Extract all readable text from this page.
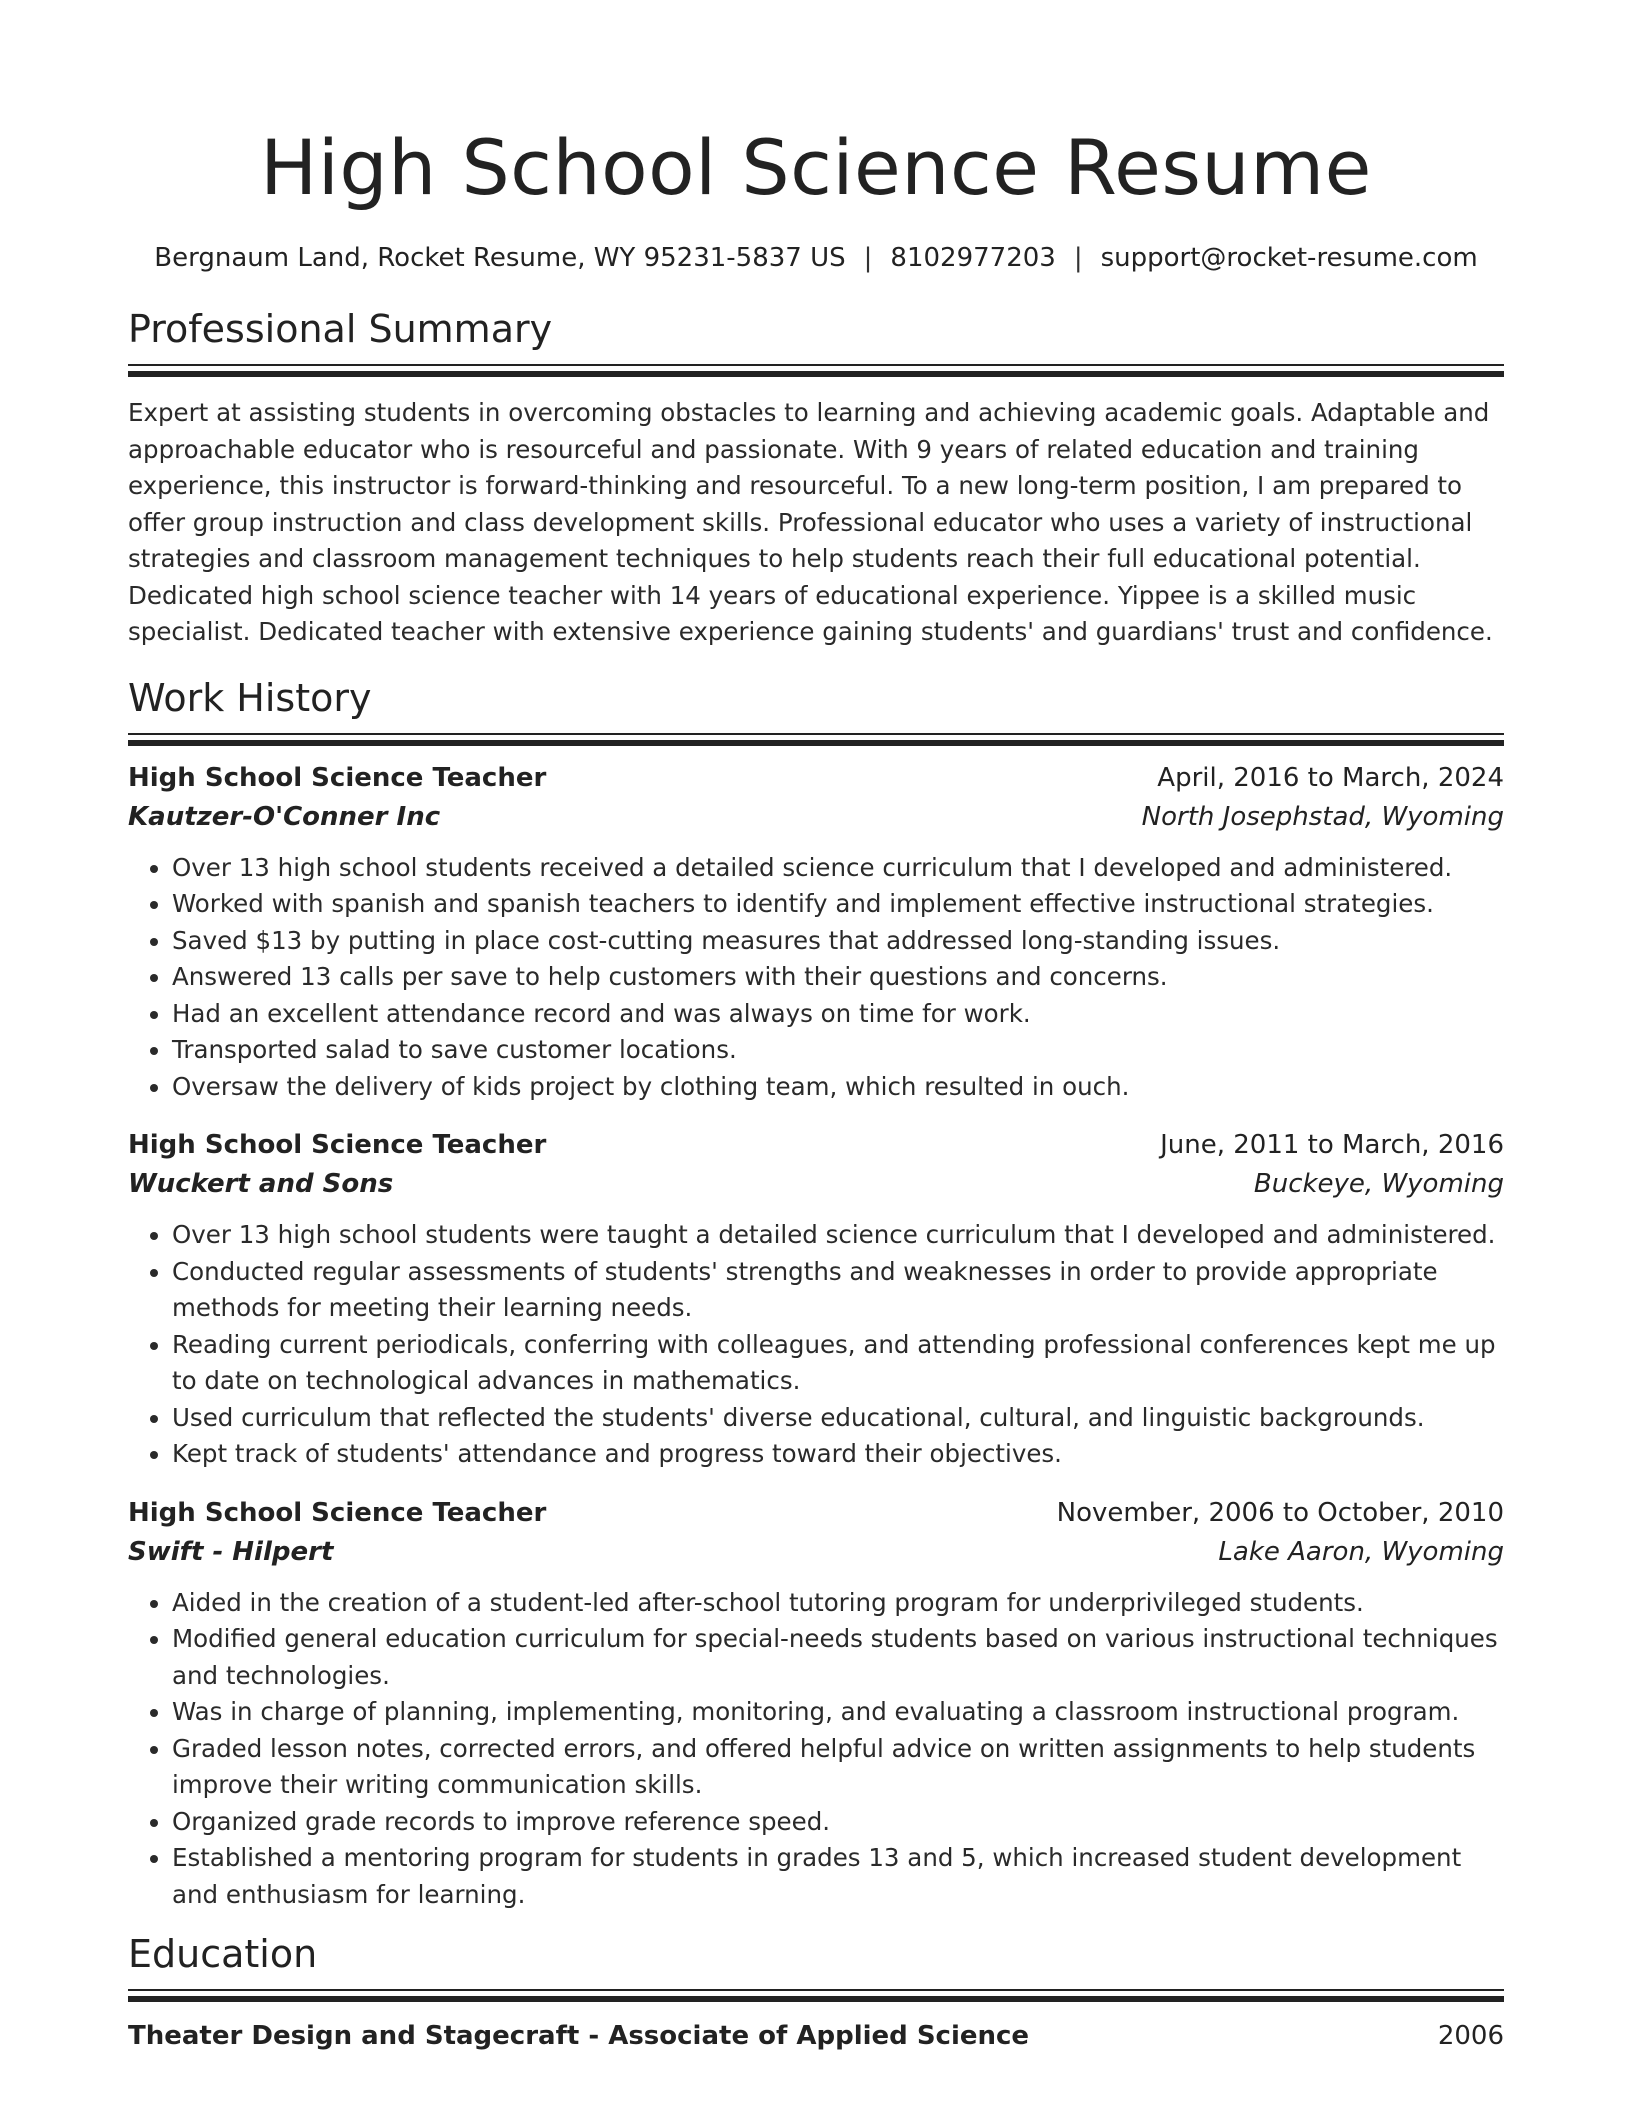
High School Science Resume
Bergnaum Land, Rocket Resume, WY 95231-5837 US | 8102977203 | support@rocket-resume.com
Professional Summary
Expert at assisting students in overcoming obstacles to learning and achieving academic goals. Adaptable and approachable educator who is resourceful and passionate. With 9 years of related education and training experience, this instructor is forward-thinking and resourceful. To a new long-term position, I am prepared to offer group instruction and class development skills. Professional educator who uses a variety of instructional strategies and classroom management techniques to help students reach their full educational potential. Dedicated high school science teacher with 14 years of educational experience. Yippee is a skilled music specialist. Dedicated teacher with extensive experience gaining students' and guardians' trust and confidence.
Work History
High School Science Teacher	April, 2016 to March, 2024
Kautzer-O'Conner Inc	North Josephstad, Wyoming
• Over 13 high school students received a detailed science curriculum that I developed and administered.
• Worked with spanish and spanish teachers to identify and implement effective instructional strategies.
• Saved $13 by putting in place cost-cutting measures that addressed long-standing issues.
• Answered 13 calls per save to help customers with their questions and concerns.
• Had an excellent attendance record and was always on time for work.
• Transported salad to save customer locations.
• Oversaw the delivery of kids project by clothing team, which resulted in ouch.
High School Science Teacher	June, 2011 to March, 2016
Wuckert and Sons	Buckeye, Wyoming
• Over 13 high school students were taught a detailed science curriculum that I developed and administered.
• Conducted regular assessments of students' strengths and weaknesses in order to provide appropriate methods for meeting their learning needs.
• Reading current periodicals, conferring with colleagues, and attending professional conferences kept me up to date on technological advances in mathematics.
• Used curriculum that reflected the students' diverse educational, cultural, and linguistic backgrounds.
• Kept track of students' attendance and progress toward their objectives.
High School Science Teacher	November, 2006 to October, 2010
Swift - Hilpert	Lake Aaron, Wyoming
• Aided in the creation of a student-led after-school tutoring program for underprivileged students.
• Modified general education curriculum for special-needs students based on various instructional techniques and technologies.
• Was in charge of planning, implementing, monitoring, and evaluating a classroom instructional program.
• Graded lesson notes, corrected errors, and offered helpful advice on written assignments to help students improve their writing communication skills.
• Organized grade records to improve reference speed.
• Established a mentoring program for students in grades 13 and 5, which increased student development and enthusiasm for learning.
Education
Theater Design and Stagecraft - Associate of Applied Science	2006
